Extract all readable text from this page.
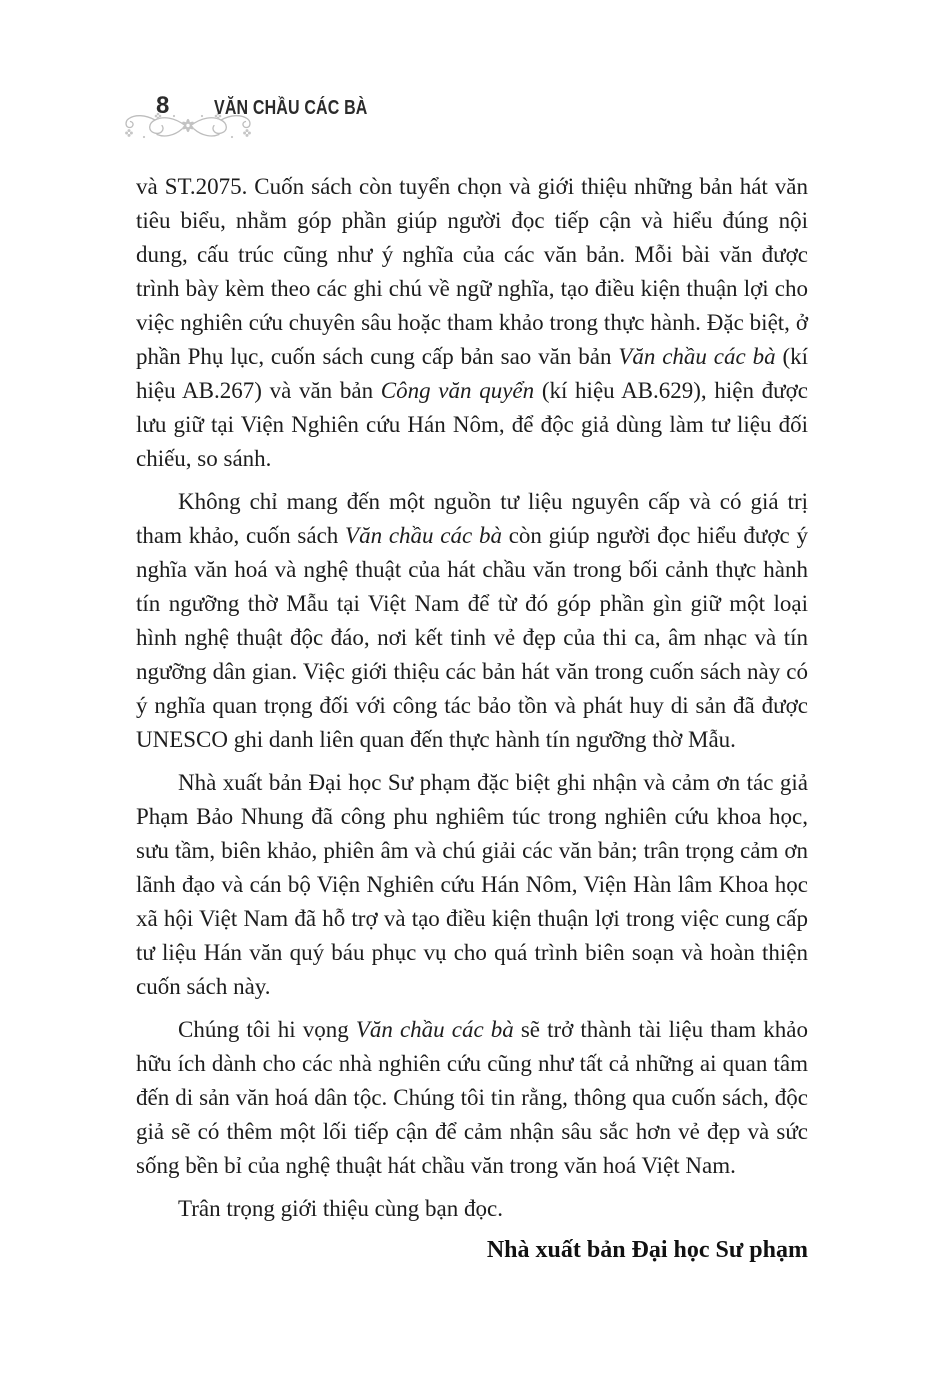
8 VĂN CHẦU CÁC BÀ

và ST.2075. Cuốn sách còn tuyển chọn và giới thiệu những bản hát văn tiêu biểu, nhằm góp phần giúp người đọc tiếp cận và hiểu đúng nội dung, cấu trúc cũng như ý nghĩa của các văn bản. Mỗi bài văn được trình bày kèm theo các ghi chú về ngữ nghĩa, tạo điều kiện thuận lợi cho việc nghiên cứu chuyên sâu hoặc tham khảo trong thực hành. Đặc biệt, ở phần Phụ lục, cuốn sách cung cấp bản sao văn bản Văn chầu các bà (kí hiệu AB.267) và văn bản Công văn quyển (kí hiệu AB.629), hiện được lưu giữ tại Viện Nghiên cứu Hán Nôm, để độc giả dùng làm tư liệu đối chiếu, so sánh.

Không chỉ mang đến một nguồn tư liệu nguyên cấp và có giá trị tham khảo, cuốn sách Văn chầu các bà còn giúp người đọc hiểu được ý nghĩa văn hoá và nghệ thuật của hát chầu văn trong bối cảnh thực hành tín ngưỡng thờ Mẫu tại Việt Nam để từ đó góp phần gìn giữ một loại hình nghệ thuật độc đáo, nơi kết tinh vẻ đẹp của thi ca, âm nhạc và tín ngưỡng dân gian. Việc giới thiệu các bản hát văn trong cuốn sách này có ý nghĩa quan trọng đối với công tác bảo tồn và phát huy di sản đã được UNESCO ghi danh liên quan đến thực hành tín ngưỡng thờ Mẫu.

Nhà xuất bản Đại học Sư phạm đặc biệt ghi nhận và cảm ơn tác giả Phạm Bảo Nhung đã công phu nghiêm túc trong nghiên cứu khoa học, sưu tầm, biên khảo, phiên âm và chú giải các văn bản; trân trọng cảm ơn lãnh đạo và cán bộ Viện Nghiên cứu Hán Nôm, Viện Hàn lâm Khoa học xã hội Việt Nam đã hỗ trợ và tạo điều kiện thuận lợi trong việc cung cấp tư liệu Hán văn quý báu phục vụ cho quá trình biên soạn và hoàn thiện cuốn sách này.

Chúng tôi hi vọng Văn chầu các bà sẽ trở thành tài liệu tham khảo hữu ích dành cho các nhà nghiên cứu cũng như tất cả những ai quan tâm đến di sản văn hoá dân tộc. Chúng tôi tin rằng, thông qua cuốn sách, độc giả sẽ có thêm một lối tiếp cận để cảm nhận sâu sắc hơn vẻ đẹp và sức sống bền bỉ của nghệ thuật hát chầu văn trong văn hoá Việt Nam.

Trân trọng giới thiệu cùng bạn đọc.

Nhà xuất bản Đại học Sư phạm
